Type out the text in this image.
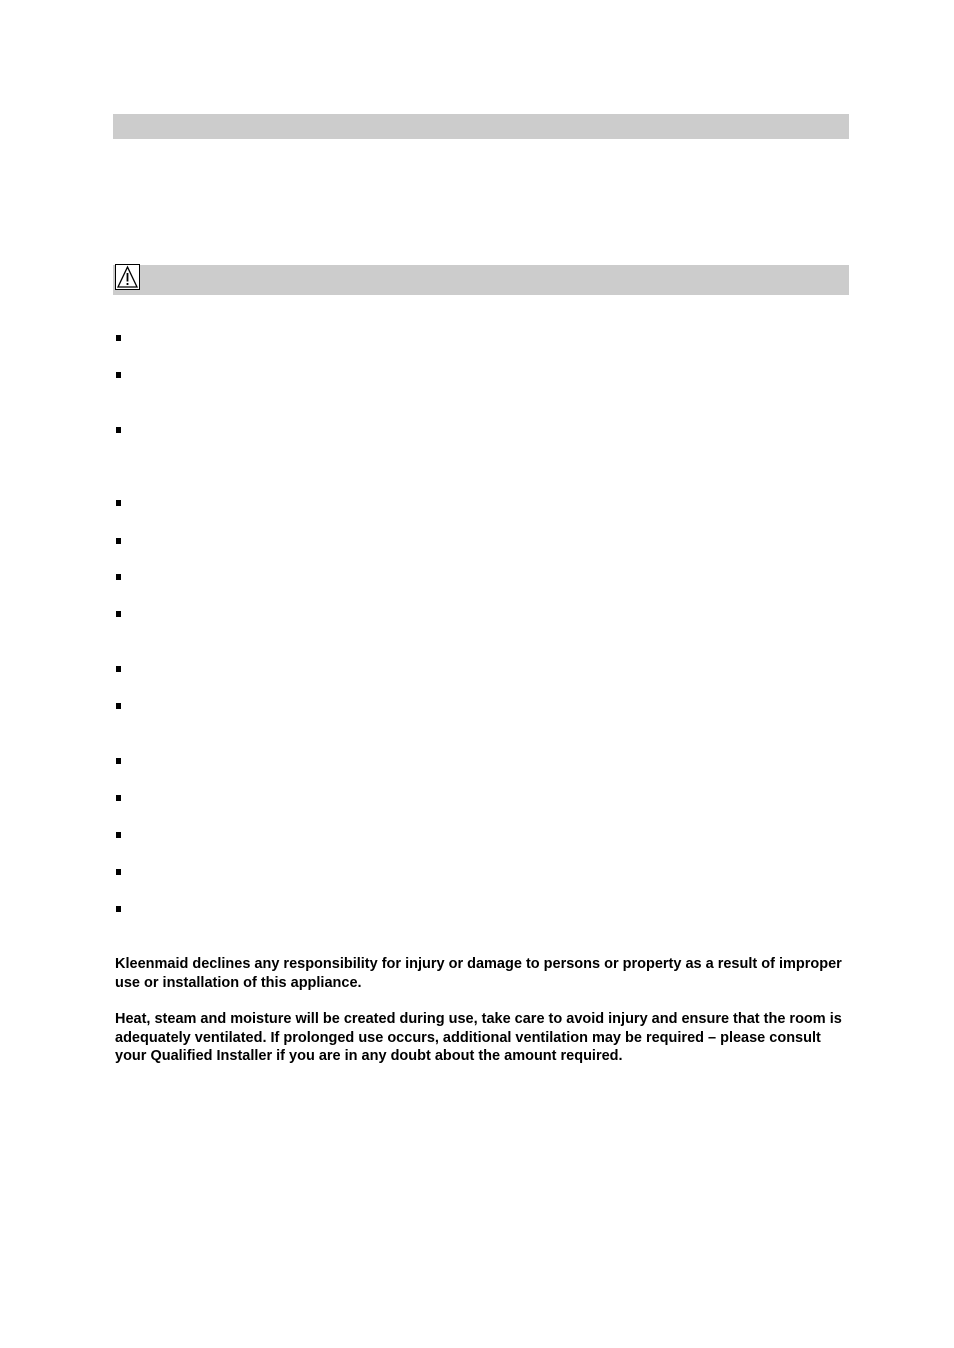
Kleenmaid declines any responsibility for injury or damage to persons or property as a result of improper use or installation of this appliance.

Heat, steam and moisture will be created during use, take care to avoid injury and ensure that the room is adequately ventilated. If prolonged use occurs, additional ventilation may be required – please consult your Qualified Installer if you are in any doubt about the amount required.
